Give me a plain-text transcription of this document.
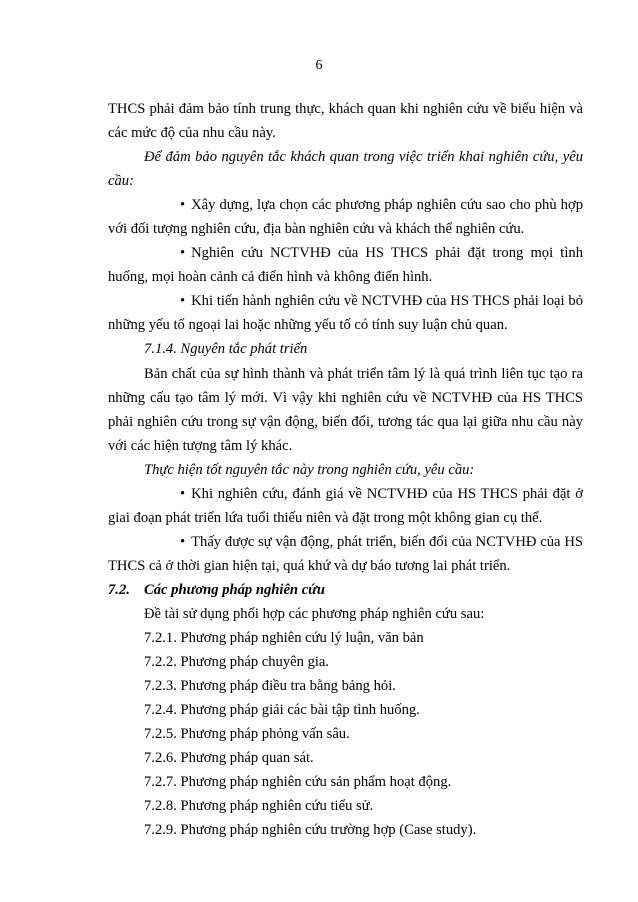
6

THCS phải đảm bảo tính trung thực, khách quan khi nghiên cứu về biểu hiện và các mức độ của nhu cầu này.

Để đảm bảo nguyên tắc khách quan trong việc triển khai nghiên cứu, yêu cầu:

• Xây dựng, lựa chọn các phương pháp nghiên cứu sao cho phù hợp với đối tượng nghiên cứu, địa bàn nghiên cứu và khách thể nghiên cứu.

• Nghiên cứu NCTVHĐ của HS THCS phải đặt trong mọi tình huống, mọi hoàn cảnh cả điển hình và không điển hình.

• Khi tiến hành nghiên cứu về NCTVHĐ của HS THCS phải loại bỏ những yếu tố ngoại lai hoặc những yếu tố có tính suy luận chủ quan.

7.1.4. Nguyên tắc phát triển

Bản chất của sự hình thành và phát triển tâm lý là quá trình liên tục tạo ra những cấu tạo tâm lý mới. Vì vậy khi nghiên cứu về NCTVHĐ của HS THCS phải nghiên cứu trong sự vận động, biến đổi, tương tác qua lại giữa nhu cầu này với các hiện tượng tâm lý khác.

Thực hiện tốt nguyên tắc này trong nghiên cứu, yêu cầu:

• Khi nghiên cứu, đánh giá về NCTVHĐ của HS THCS phải đặt ở giai đoạn phát triển lứa tuổi thiếu niên và đặt trong một không gian cụ thể.

• Thấy được sự vận động, phát triển, biến đổi của NCTVHĐ của HS THCS cả ở thời gian hiện tại, quá khứ và dự báo tương lai phát triển.

7.2. Các phương pháp nghiên cứu

Đề tài sử dụng phối hợp các phương pháp nghiên cứu sau:

7.2.1. Phương pháp nghiên cứu lý luận, văn bản

7.2.2. Phương pháp chuyên gia.

7.2.3. Phương pháp điều tra bằng bảng hỏi.

7.2.4. Phương pháp giải các bài tập tình huống.

7.2.5. Phương pháp phỏng vấn sâu.

7.2.6. Phương pháp quan sát.

7.2.7. Phương pháp nghiên cứu sản phẩm hoạt động.

7.2.8. Phương pháp nghiên cứu tiểu sử.

7.2.9. Phương pháp nghiên cứu trường hợp (Case study).
